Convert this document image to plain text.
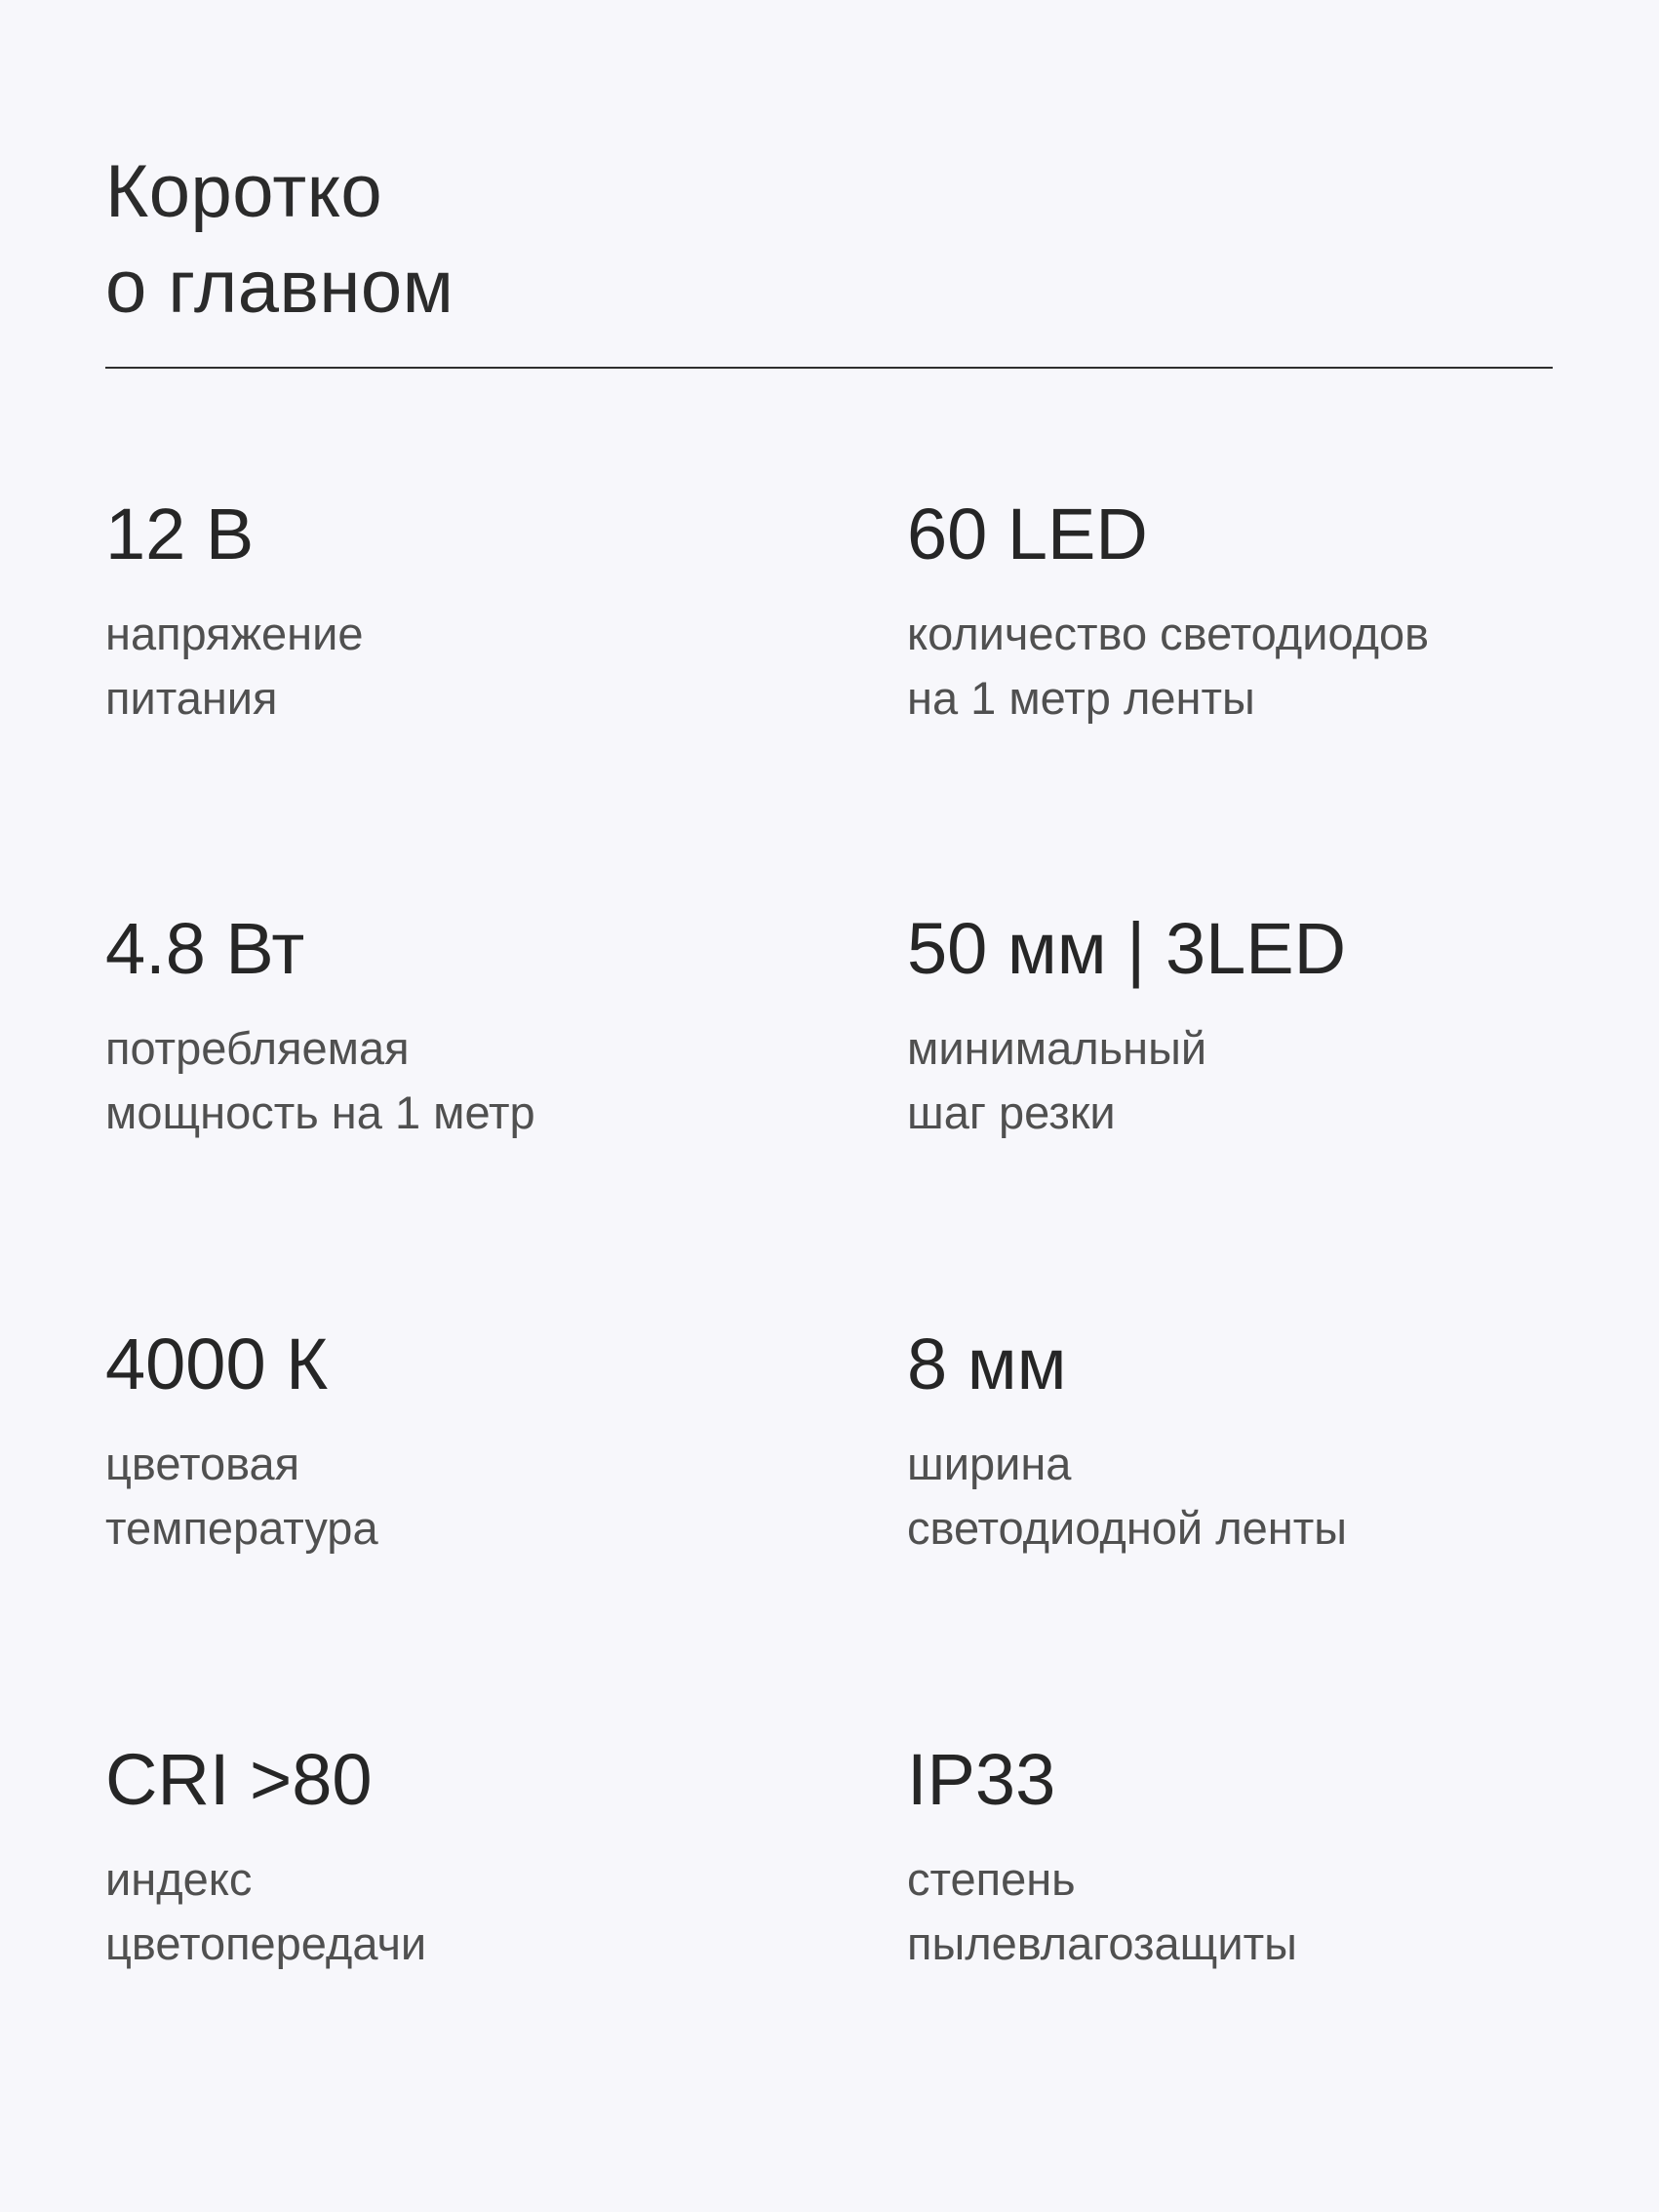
Коротко
о главном
12 В
напряжение
питания
60 LED
количество светодиодов
на 1 метр ленты
4.8 Вт
потребляемая
мощность на 1 метр
50 мм | 3LED
минимальный
шаг резки
4000 К
цветовая
температура
8 мм
ширина
светодиодной ленты
CRI >80
индекс
цветопередачи
IP33
степень
пылевлагозащиты
